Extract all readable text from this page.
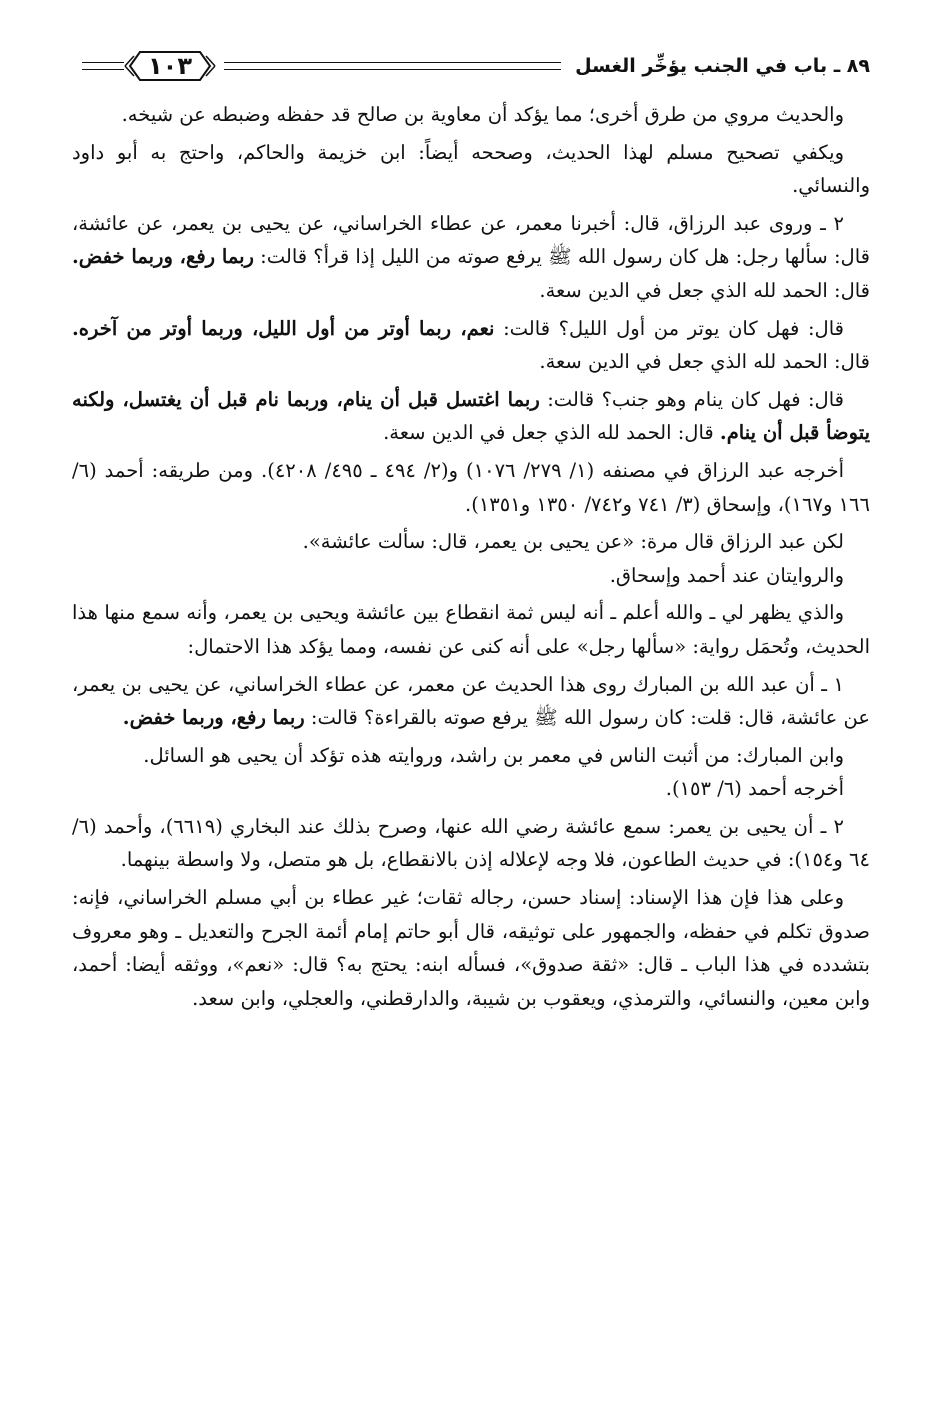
٨٩ ـ باب في الجنب يؤخِّر الغسل
١٠٣

والحديث مروي من طرق أخرى؛ مما يؤكد أن معاوية بن صالح قد حفظه وضبطه عن شيخه.

ويكفي تصحيح مسلم لهذا الحديث، وصححه أيضاً: ابن خزيمة والحاكم، واحتج به أبو داود والنسائي.

٢ ـ وروى عبد الرزاق، قال: أخبرنا معمر، عن عطاء الخراساني، عن يحيى بن يعمر، عن عائشة، قال: سألها رجل: هل كان رسول الله ﷺ يرفع صوته من الليل إذا قرأ؟ قالت: ربما رفع، وربما خفض. قال: الحمد لله الذي جعل في الدين سعة.

قال: فهل كان يوتر من أول الليل؟ قالت: نعم، ربما أوتر من أول الليل، وربما أوتر من آخره. قال: الحمد لله الذي جعل في الدين سعة.

قال: فهل كان ينام وهو جنب؟ قالت: ربما اغتسل قبل أن ينام، وربما نام قبل أن يغتسل، ولكنه يتوضأ قبل أن ينام. قال: الحمد لله الذي جعل في الدين سعة.

أخرجه عبد الرزاق في مصنفه (١/ ٢٧٩/ ١٠٧٦) و(٢/ ٤٩٤ ـ ٤٩٥/ ٤٢٠٨). ومن طريقه: أحمد (٦/ ١٦٦ و١٦٧)، وإسحاق (٣/ ٧٤١ و٧٤٢/ ١٣٥٠ و١٣٥١).

لكن عبد الرزاق قال مرة: «عن يحيى بن يعمر، قال: سألت عائشة».

والروايتان عند أحمد وإسحاق.

والذي يظهر لي ـ والله أعلم ـ أنه ليس ثمة انقطاع بين عائشة ويحيى بن يعمر، وأنه سمع منها هذا الحديث، وتُحمَل رواية: «سألها رجل» على أنه كنى عن نفسه، ومما يؤكد هذا الاحتمال:

١ ـ أن عبد الله بن المبارك روى هذا الحديث عن معمر، عن عطاء الخراساني، عن يحيى بن يعمر، عن عائشة، قال: قلت: كان رسول الله ﷺ يرفع صوته بالقراءة؟ قالت: ربما رفع، وربما خفض.

وابن المبارك: من أثبت الناس في معمر بن راشد، وروايته هذه تؤكد أن يحيى هو السائل.

أخرجه أحمد (٦/ ١٥٣).

٢ ـ أن يحيى بن يعمر: سمع عائشة رضي الله عنها، وصرح بذلك عند البخاري (٦٦١٩)، وأحمد (٦/ ٦٤ و١٥٤): في حديث الطاعون، فلا وجه لإعلاله إذن بالانقطاع، بل هو متصل، ولا واسطة بينهما.

وعلى هذا فإن هذا الإسناد: إسناد حسن، رجاله ثقات؛ غير عطاء بن أبي مسلم الخراساني، فإنه: صدوق تكلم في حفظه، والجمهور على توثيقه، قال أبو حاتم إمام أئمة الجرح والتعديل ـ وهو معروف بتشدده في هذا الباب ـ قال: «ثقة صدوق»، فسأله ابنه: يحتج به؟ قال: «نعم»، ووثقه أيضا: أحمد، وابن معين، والنسائي، والترمذي، ويعقوب بن شيبة، والدارقطني، والعجلي، وابن سعد.
